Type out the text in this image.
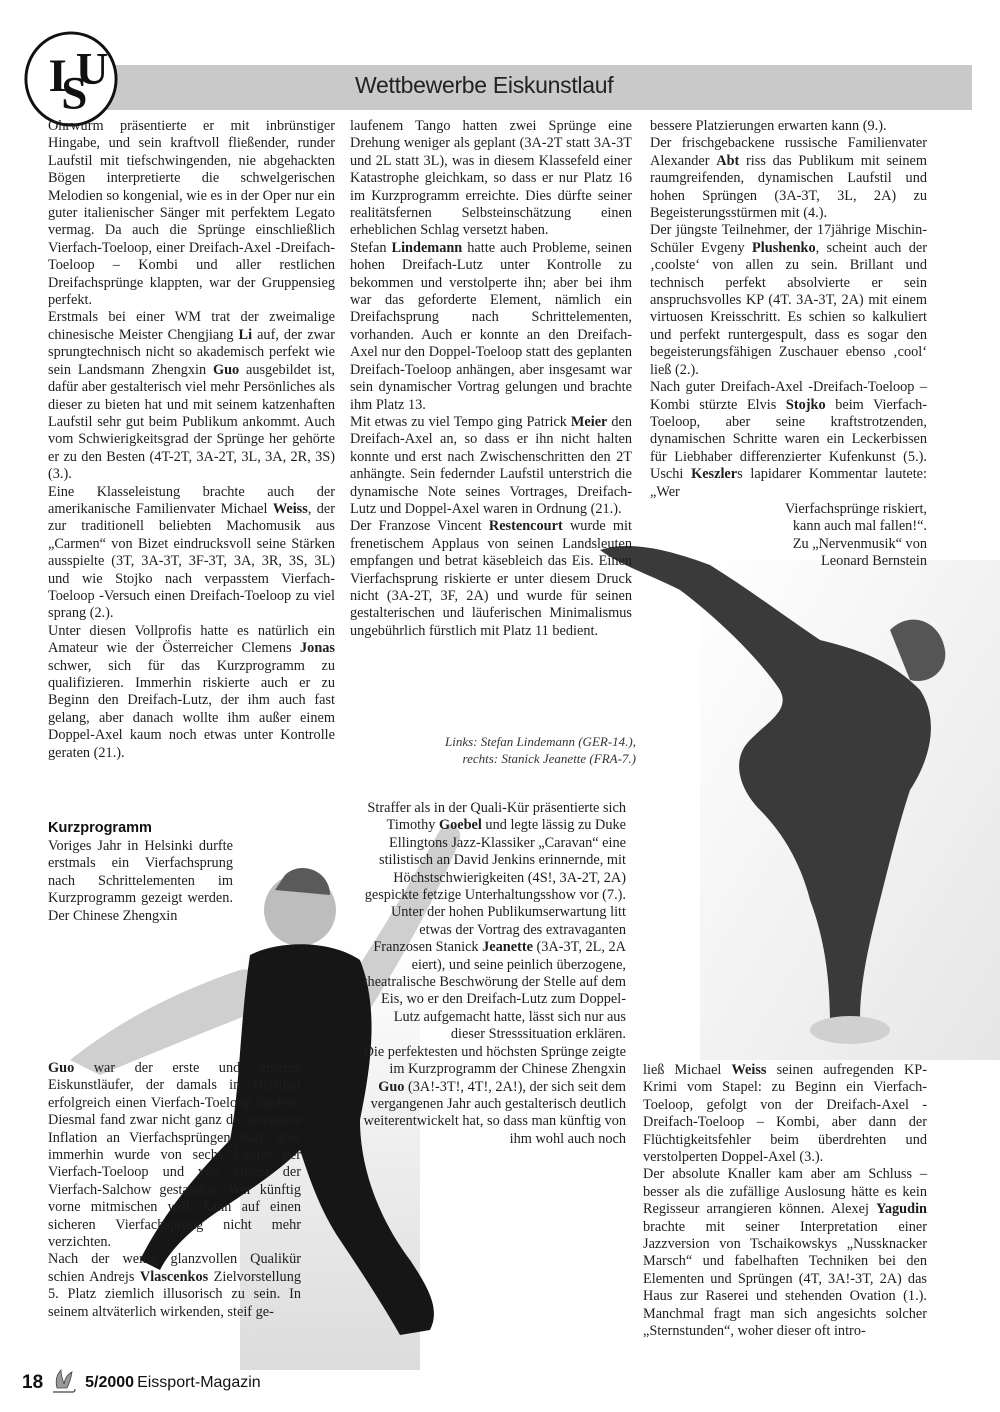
Wettbewerbe Eiskunstlauf
I
S
U

Ohrwurm präsentierte er mit inbrünstiger Hingabe, und sein kraftvoll fließender, runder Laufstil mit tiefschwingenden, nie abgehackten Bögen interpretierte die schwelgerischen Melodien so kongenial, wie es in der Oper nur ein guter italienischer Sänger mit perfektem Legato vermag. Da auch die Sprünge einschließlich Vierfach-Toeloop, einer Dreifach-Axel -Dreifach-Toeloop – Kombi und aller restlichen Dreifachsprünge klappten, war der Gruppensieg perfekt.

Erstmals bei einer WM trat der zweimalige chinesische Meister Chengjiang Li auf, der zwar sprungtechnisch nicht so akademisch perfekt wie sein Landsmann Zhengxin Guo ausgebildet ist, dafür aber gestalterisch viel mehr Persönliches als dieser zu bieten hat und mit seinem katzenhaften Laufstil sehr gut beim Publikum ankommt. Auch vom Schwierigkeitsgrad der Sprünge her gehörte er zu den Besten (4T-2T, 3A-2T, 3L, 3A, 2R, 3S) (3.).

Eine Klasseleistung brachte auch der amerikanische Familienvater Michael Weiss, der zur traditionell beliebten Machomusik aus „Carmen“ von Bizet eindrucksvoll seine Stärken ausspielte (3T, 3A-3T, 3F-3T, 3A, 3R, 3S, 3L) und wie Stojko nach verpasstem Vierfach-Toeloop -Versuch einen Dreifach-Toeloop zu viel sprang (2.).

Unter diesen Vollprofis hatte es natürlich ein Amateur wie der Österreicher Clemens Jonas schwer, sich für das Kurzprogramm zu qualifizieren. Immerhin riskierte auch er zu Beginn den Dreifach-Lutz, der ihm auch fast gelang, aber danach wollte ihm außer einem Doppel-Axel kaum noch etwas unter Kontrolle geraten (21.).

laufenem Tango hatten zwei Sprünge eine Drehung weniger als geplant (3A-2T statt 3A-3T und 2L statt 3L), was in diesem Klassefeld einer Katastrophe gleichkam, so dass er nur Platz 16 im Kurzprogramm erreichte. Dies dürfte seiner realitätsfernen Selbsteinschätzung einen erheblichen Schlag versetzt haben.

Stefan Lindemann hatte auch Probleme, seinen hohen Dreifach-Lutz unter Kontrolle zu bekommen und verstolperte ihn; aber bei ihm war das geforderte Element, nämlich ein Dreifachsprung nach Schrittelementen, vorhanden. Auch er konnte an den Dreifach-Axel nur den Doppel-Toeloop statt des geplanten Dreifach-Toeloop anhängen, aber insgesamt war sein dynamischer Vortrag gelungen und brachte ihm Platz 13.

Mit etwas zu viel Tempo ging Patrick Meier den Dreifach-Axel an, so dass er ihn nicht halten konnte und erst nach Zwischenschritten den 2T anhängte. Sein federnder Laufstil unterstrich die dynamische Note seines Vortrages, Dreifach-Lutz und Doppel-Axel waren in Ordnung (21.).

Der Franzose Vincent Restencourt wurde mit frenetischem Applaus von seinen Landsleuten empfangen und betrat käsebleich das Eis. Einen Vierfachsprung riskierte er unter diesem Druck nicht (3A-2T, 3F, 2A) und wurde für seinen gestalterischen und läuferischen Minimalismus ungebührlich fürstlich mit Platz 11 bedient.

Links: Stefan Lindemann (GER-14.),
rechts: Stanick Jeanette (FRA-7.)

bessere Platzierungen erwarten kann (9.).

Der frischgebackene russische Familienvater Alexander Abt riss das Publikum mit seinem raumgreifenden, dynamischen Laufstil und hohen Sprüngen (3A-3T, 3L, 2A) zu Begeisterungsstürmen mit (4.).

Der jüngste Teilnehmer, der 17jährige Mischin-Schüler Evgeny Plushenko, scheint auch der ‚coolste‘ von allen zu sein. Brillant und technisch perfekt absolvierte er sein anspruchsvolles KP (4T. 3A-3T, 2A) mit einem virtuosen Kreisschritt. Es schien so kalkuliert und perfekt runtergespult, dass es sogar den begeisterungsfähigen Zuschauer ebenso ‚cool‘ ließ (2.).

Nach guter Dreifach-Axel -Dreifach-Toeloop – Kombi stürzte Elvis Stojko beim Vierfach-Toeloop, aber seine kraftstrotzenden, dynamischen Schritte waren ein Leckerbissen für Liebhaber differenzierter Kufenkunst (5.). Uschi Keszlers lapidarer Kommentar lautete: „Wer

Vierfachsprünge riskiert,
kann auch mal fallen!“.
Zu „Nervenmusik“ von
Leonard Bernstein
Kurzprogramm

Voriges Jahr in Helsinki durfte erstmals ein Vierfachsprung nach Schrittelementen im Kurzprogramm gezeigt werden. Der Chinese Zhengxin

Guo war der erste und einzige Eiskunstläufer, der damals in Helsinki erfolgreich einen Vierfach-Toeloop landete. Diesmal fand zwar nicht ganz die erwartete Inflation an Vierfachsprüngen statt, aber immerhin wurde von sechs Läufer der Vierfach-Toeloop und von einem der Vierfach-Salchow gestanden. Wer künftig vorne mitmischen will, kann auf einen sicheren Vierfachsprung nicht mehr verzichten.

Nach der wenig glanzvollen Qualikür schien Andrejs Vlascenkos Zielvorstellung 5. Platz ziemlich illusorisch zu sein. In seinem altväterlich wirkenden, steif ge-

Straffer als in der Quali-Kür präsentierte sich Timothy Goebel und legte lässig zu Duke Ellingtons Jazz-Klassiker „Caravan“ eine stilistisch an David Jenkins erinnernde, mit Höchstschwierigkeiten (4S!, 3A-2T, 2A) gespickte fetzige Unterhaltungsshow vor (7.).

Unter der hohen Publikumserwartung litt etwas der Vortrag des extravaganten Franzosen Stanick Jeanette (3A-3T, 2L, 2A eiert), und seine peinlich überzogene, theatralische Beschwörung der Stelle auf dem Eis, wo er den Dreifach-Lutz zum Doppel-Lutz aufgemacht hatte, lässt sich nur aus dieser Stresssituation erklären.

Die perfektesten und höchsten Sprünge zeigte im Kurzprogramm der Chinese Zhengxin Guo (3A!-3T!, 4T!, 2A!), der sich seit dem vergangenen Jahr auch gestalterisch deutlich weiterentwickelt hat, so dass man künftig von ihm wohl auch noch

ließ Michael Weiss seinen aufregenden KP-Krimi vom Stapel: zu Beginn ein Vierfach-Toeloop, gefolgt von der Dreifach-Axel - Dreifach-Toeloop – Kombi, aber dann der Flüchtigkeitsfehler beim überdrehten und verstolperten Doppel-Axel (3.).

Der absolute Knaller kam aber am Schluss – besser als die zufällige Auslosung hätte es kein Regisseur arrangieren können. Alexej Yagudin brachte mit seiner Interpretation einer Jazzversion von Tschaikowskys „Nussknacker Marsch“ und fabelhaften Techniken bei den Elementen und Sprüngen (4T, 3A!-3T, 2A) das Haus zur Raserei und stehenden Ovation (1.). Manchmal fragt man sich angesichts solcher „Sternstunden“, woher dieser oft intro-

18	5/2000 Eissport-Magazin
